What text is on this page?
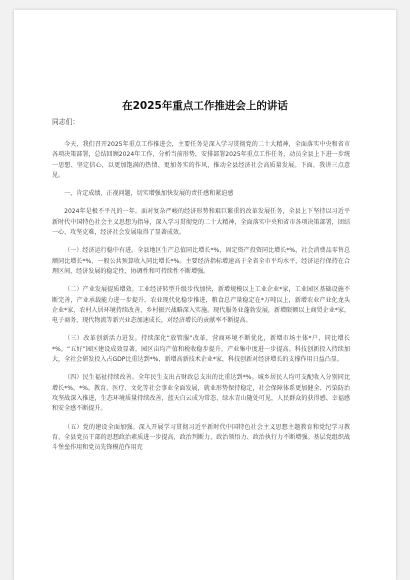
在2025年重点工作推进会上的讲话
同志们：

今天，我们召开2025年重点工作推进会，主要任务是深入学习贯彻党的二十大精神，全面落实中央和省市各项决策部署，总结回顾2024年工作，分析当前形势，安排部署2025年重点工作任务，动员全县上下进一步统一思想、坚定信心，以更加饱满的热情、更加务实的作风，推动全县经济社会高质量发展。下面，我讲三点意见。

一、肯定成绩，正视问题，切实增强加快发展的责任感和紧迫感

2024年是极不平凡的一年。面对复杂严峻的经济形势和艰巨繁重的改革发展任务，全县上下坚持以习近平新时代中国特色社会主义思想为指导，深入学习贯彻党的二十大精神，全面落实中央和省市各项决策部署，团结一心、攻坚克难，经济社会发展取得了显著成效。

（一）经济运行稳中有进。全县地区生产总值同比增长*%，固定资产投资同比增长*%，社会消费品零售总额同比增长*%，一般公共预算收入同比增长*%。主要经济指标增速高于全省全市平均水平，经济运行保持在合理区间，经济发展的稳定性、协调性和可持续性不断增强。

（二）产业发展提质增效。工业经济转型升级步伐加快，新增规模以上工业企业*家，工业园区基础设施不断完善，产业承载能力进一步提升。农业现代化稳步推进，粮食总产量稳定在*万吨以上，新增农业产业化龙头企业*家，农村人居环境持续改善，乡村振兴战略深入实施。现代服务业蓬勃发展，新增限额以上商贸企业*家，电子商务、现代物流等新兴业态加速成长，对经济增长的贡献率不断提高。

（三）改革创新活力迸发。持续深化“放管服”改革，营商环境不断优化，新增市场主体*户，同比增长*%。“五好”园区建设成效显著，园区亩均产值和税收稳步提升，产业集中度进一步提高。科技创新投入持续加大，全社会研发投入占GDP比重达到*%，新增高新技术企业*家，科技创新对经济增长的支撑作用日益凸显。

（四）民生福祉持续改善。全年民生支出占财政总支出的比重达到*%。城乡居民人均可支配收入分别同比增长*%、*%。教育、医疗、文化等社会事业全面发展，就业形势保持稳定，社会保障体系更加健全、污染防治攻坚战深入推进，生态环境质量持续改善，蓝天白云成为常态，绿水青山随处可见，人民群众的获得感、幸福感和安全感不断提升。

（五）党的建设全面加强。深入开展学习贯彻习近平新时代中国特色社会主义思想主题教育和党纪学习教育，全县党员干部的思想政治素质进一步提高，政治判断力、政治领悟力、政治执行力不断增强。基层党组织战斗堡垒作用和党员先锋模范作用充
